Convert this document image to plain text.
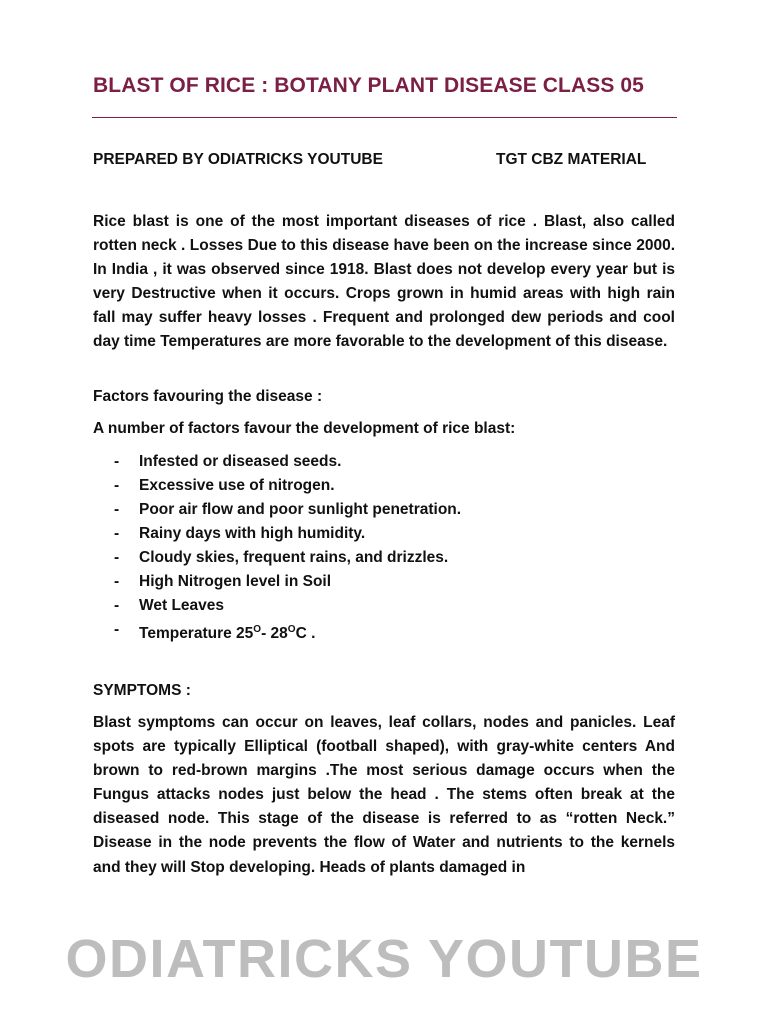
BLAST OF RICE : BOTANY PLANT DISEASE CLASS 05
PREPARED BY ODIATRICKS YOUTUBE	TGT CBZ MATERIAL

Rice blast is one of the most important diseases of rice . Blast, also called rotten neck . Losses Due to this disease have been on the increase since 2000. In India , it was observed since 1918. Blast does not develop every year but is very Destructive when it occurs. Crops grown in humid areas with high rain fall may suffer heavy losses . Frequent and prolonged dew periods and cool day time Temperatures are more favorable to the development of this disease.

Factors favouring the disease :

A number of factors favour the development of rice blast:

- Infested or diseased seeds.
- Excessive use of nitrogen.
- Poor air flow and poor sunlight penetration.
- Rainy days with high humidity.
- Cloudy skies, frequent rains, and drizzles.
- High Nitrogen level in Soil
- Wet Leaves
- Temperature $25^O-$ $28^OC$ .

SYMPTOMS :

Blast symptoms can occur on leaves, leaf collars, nodes and panicles. Leaf spots are typically Elliptical (football shaped), with gray-white centers And brown to red-brown margins .The most serious damage occurs when the Fungus attacks nodes just below the head . The stems often break at the diseased node. This stage of the disease is referred to as “rotten Neck.” Disease in the node prevents the flow of Water and nutrients to the kernels and they will Stop developing. Heads of plants damaged in

ODIATRICKS YOUTUBE
